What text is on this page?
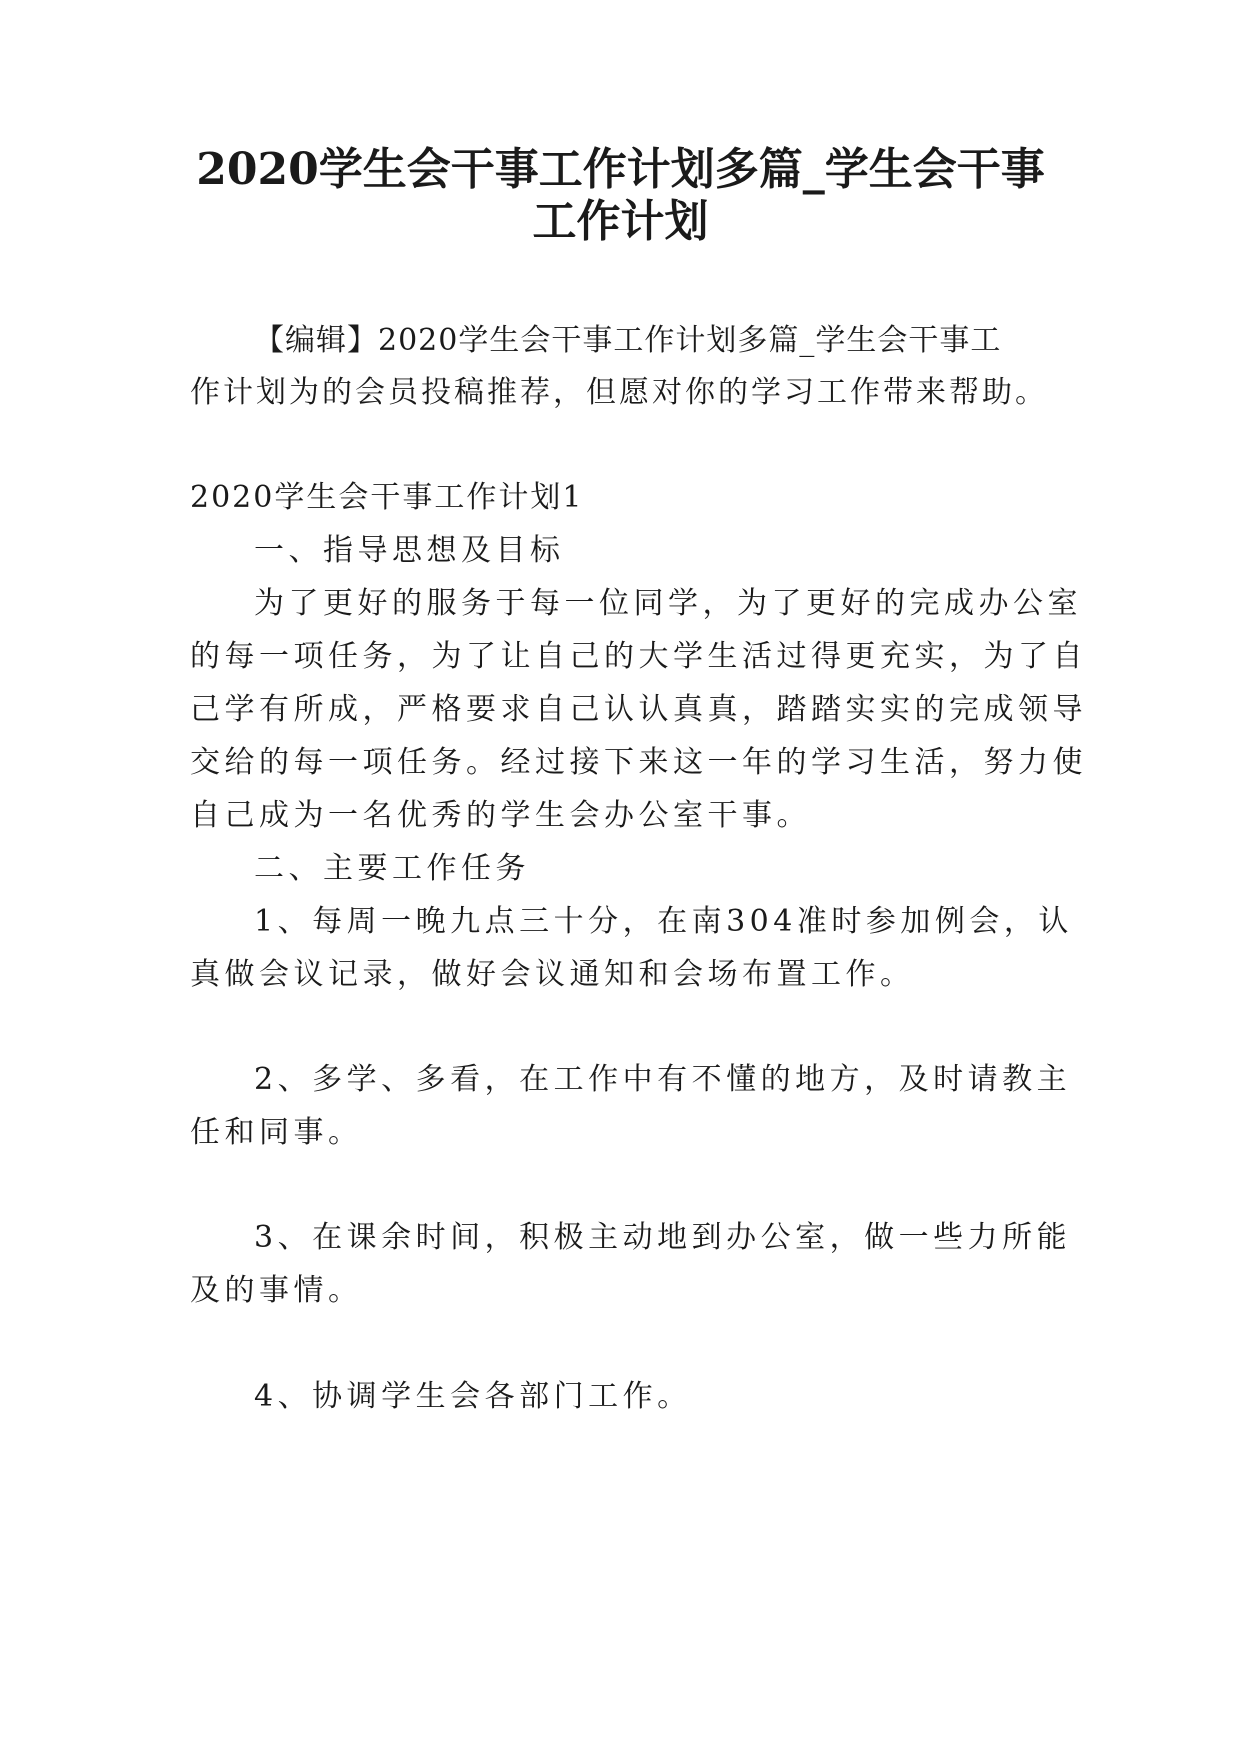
2020学生会干事工作计划多篇_学生会干事
工作计划

【编辑】2020学生会干事工作计划多篇_学生会干事工

作计划为的会员投稿推荐，但愿对你的学习工作带来帮助。

2020学生会干事工作计划1

一、指导思想及目标

为了更好的服务于每一位同学，为了更好的完成办公室

的每一项任务，为了让自己的大学生活过得更充实，为了自

己学有所成，严格要求自己认认真真，踏踏实实的完成领导

交给的每一项任务。经过接下来这一年的学习生活，努力使

自己成为一名优秀的学生会办公室干事。

二、主要工作任务

1、每周一晚九点三十分，在南304准时参加例会，认

真做会议记录，做好会议通知和会场布置工作。

2、多学、多看，在工作中有不懂的地方，及时请教主

任和同事。

3、在课余时间，积极主动地到办公室，做一些力所能

及的事情。

4、协调学生会各部门工作。
